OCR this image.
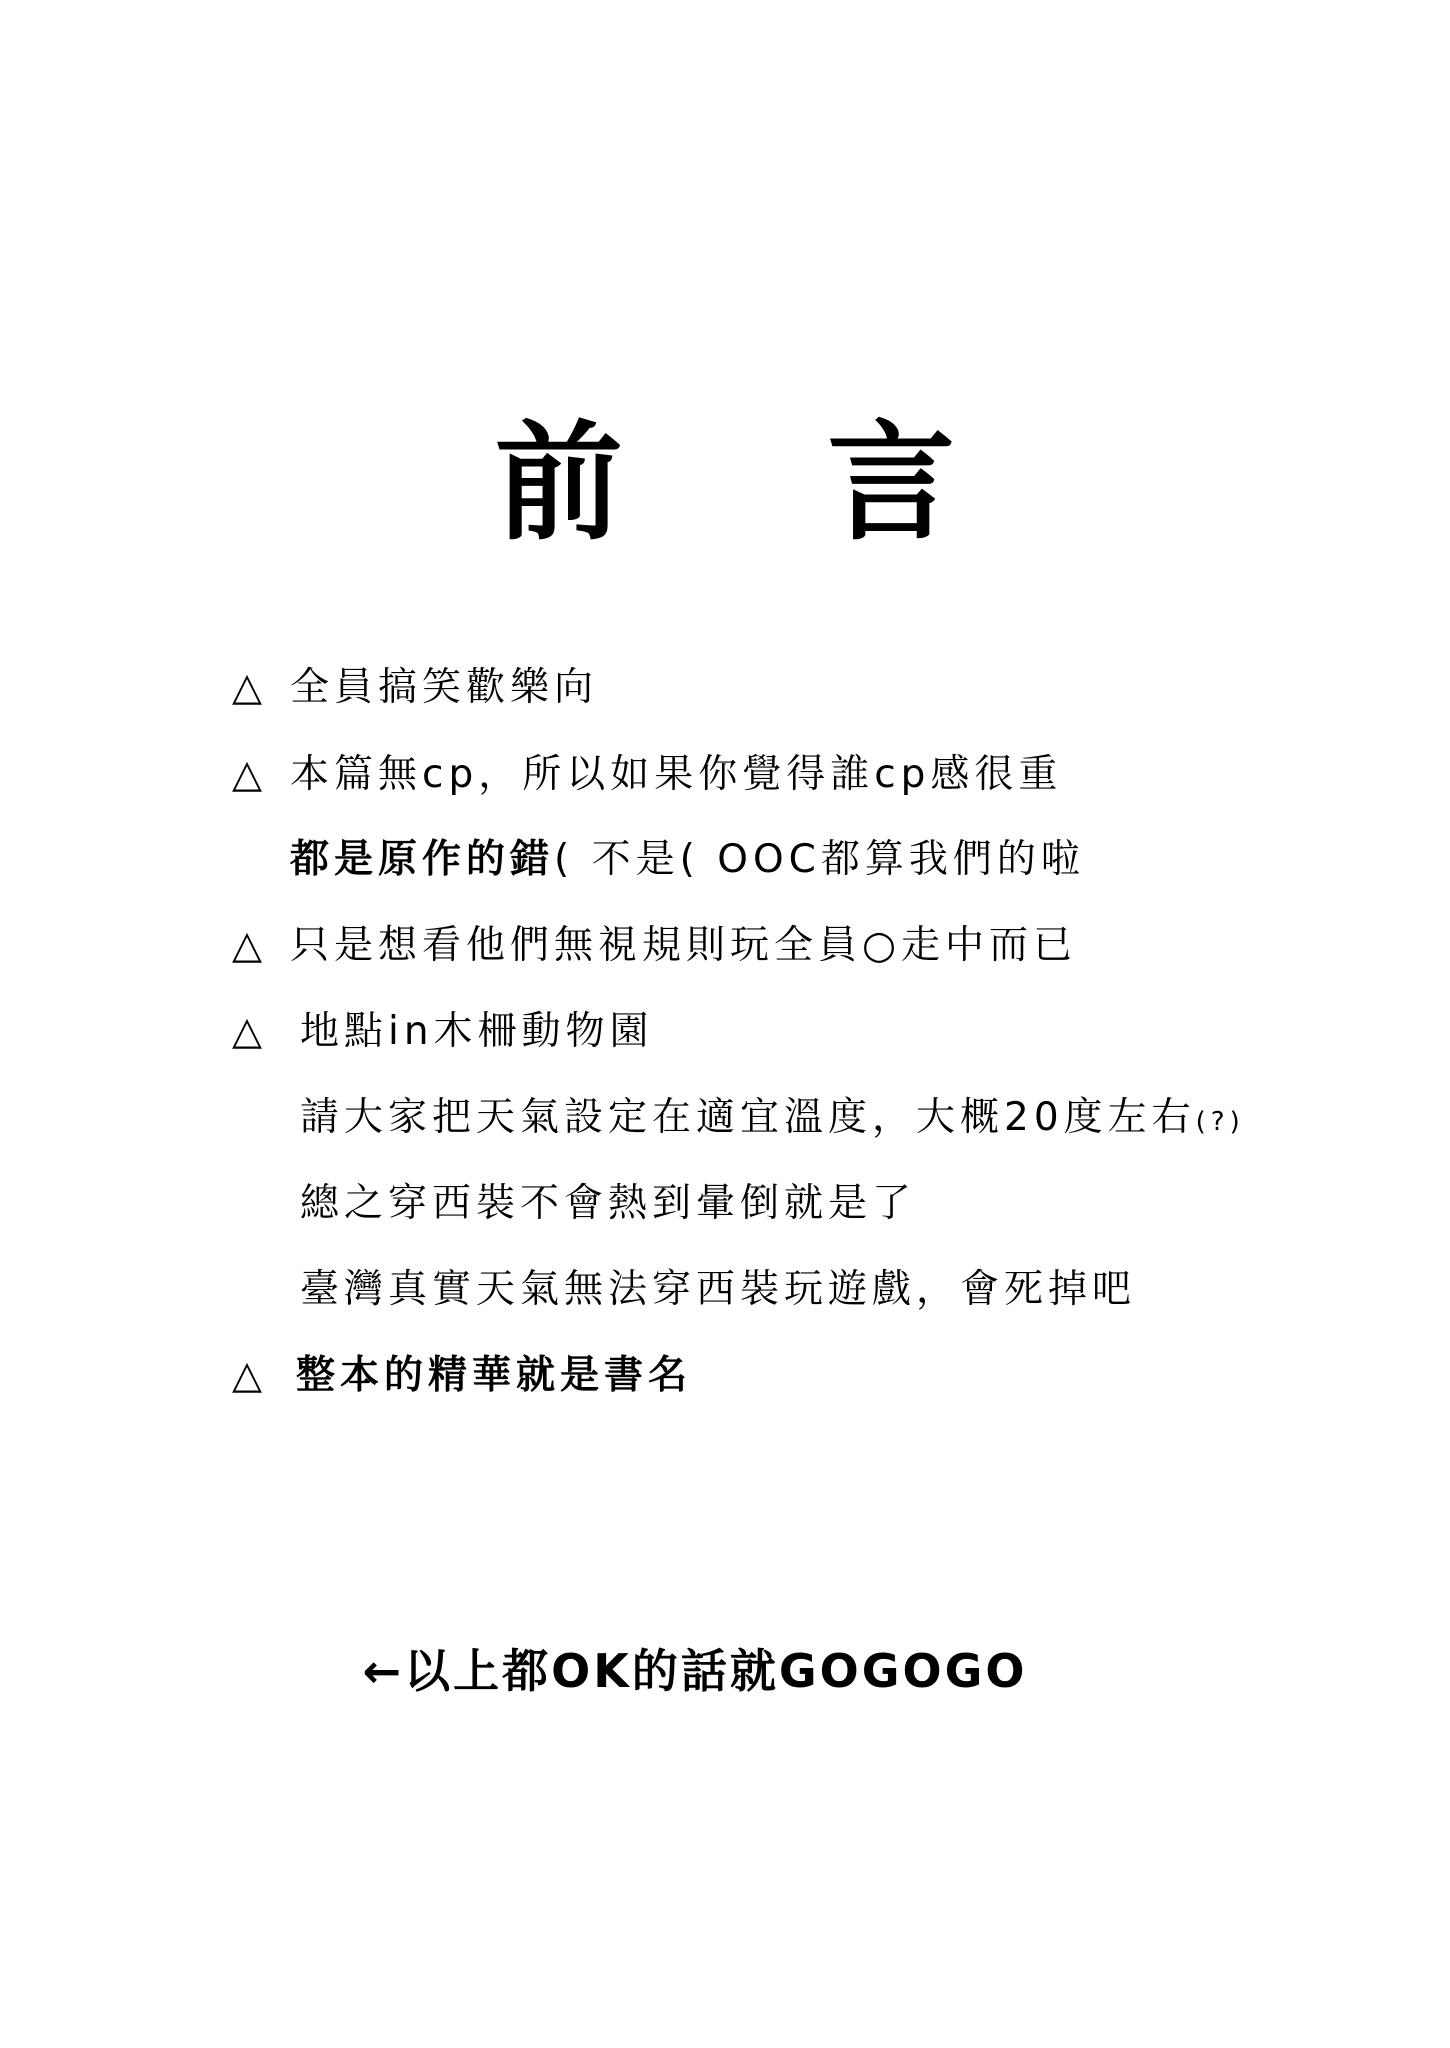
前 言
△ 全員搞笑歡樂向
△ 本篇無cp，所以如果你覺得誰cp感很重
都是原作的錯( 不是( OOC都算我們的啦
△ 只是想看他們無視規則玩全員○走中而已
△ 地點in木柵動物園
請大家把天氣設定在適宜溫度，大概20度左右(?)
總之穿西裝不會熱到暈倒就是了
臺灣真實天氣無法穿西裝玩遊戲，會死掉吧
△ 整本的精華就是書名
←以上都OK的話就GOGOGO
